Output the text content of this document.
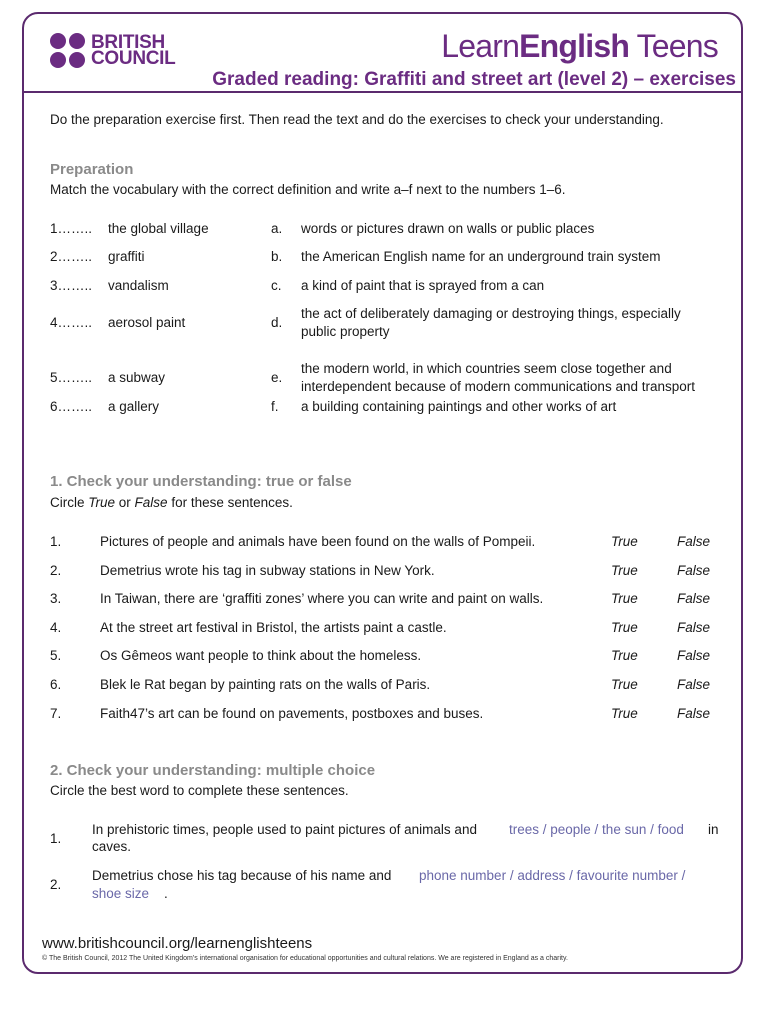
BRITISH
COUNCIL	LearnEnglish Teens
Graded reading: Graffiti and street art (level 2) – exercises
Do the preparation exercise first. Then read the text and do the exercises to check your understanding.
Preparation
Match the vocabulary with the correct definition and write a–f next to the numbers 1–6.
1…….. the global village	a. words or pictures drawn on walls or public places
2…….. graffiti	b. the American English name for an underground train system
3…….. vandalism	c. a kind of paint that is sprayed from a can
4…….. aerosol paint	d.
the act of deliberately damaging or destroying things, especially
public property
5…….. a subway	e.
the modern world, in which countries seem close together and
interdependent because of modern communications and transport
6…….. a gallery	f. a building containing paintings and other works of art
1. Check your understanding: true or false
Circle True or False for these sentences.
1.	Pictures of people and animals have been found on the walls of Pompeii.	True	False
2.	Demetrius wrote his tag in subway stations in New York.	True	False
3.	In Taiwan, there are ‘graffiti zones’ where you can write and paint on walls.	True	False
4.	At the street art festival in Bristol, the artists paint a castle.	True	False
5.	Os Gêmeos want people to think about the homeless.	True	False
6.	Blek le Rat began by painting rats on the walls of Paris.	True	False
7.	Faith47’s art can be found on pavements, postboxes and buses.	True	False
2. Check your understanding: multiple choice
Circle the best word to complete these sentences.
1.
In prehistoric times, people used to paint pictures of animals and trees / people / the sun / food in
caves.
2.
Demetrius chose his tag because of his name and phone number / address / favourite number /
shoe size .
www.britishcouncil.org/learnenglishteens
© The British Council, 2012 The United Kingdom’s international organisation for educational opportunities and cultural relations. We are registered in England as a charity.
